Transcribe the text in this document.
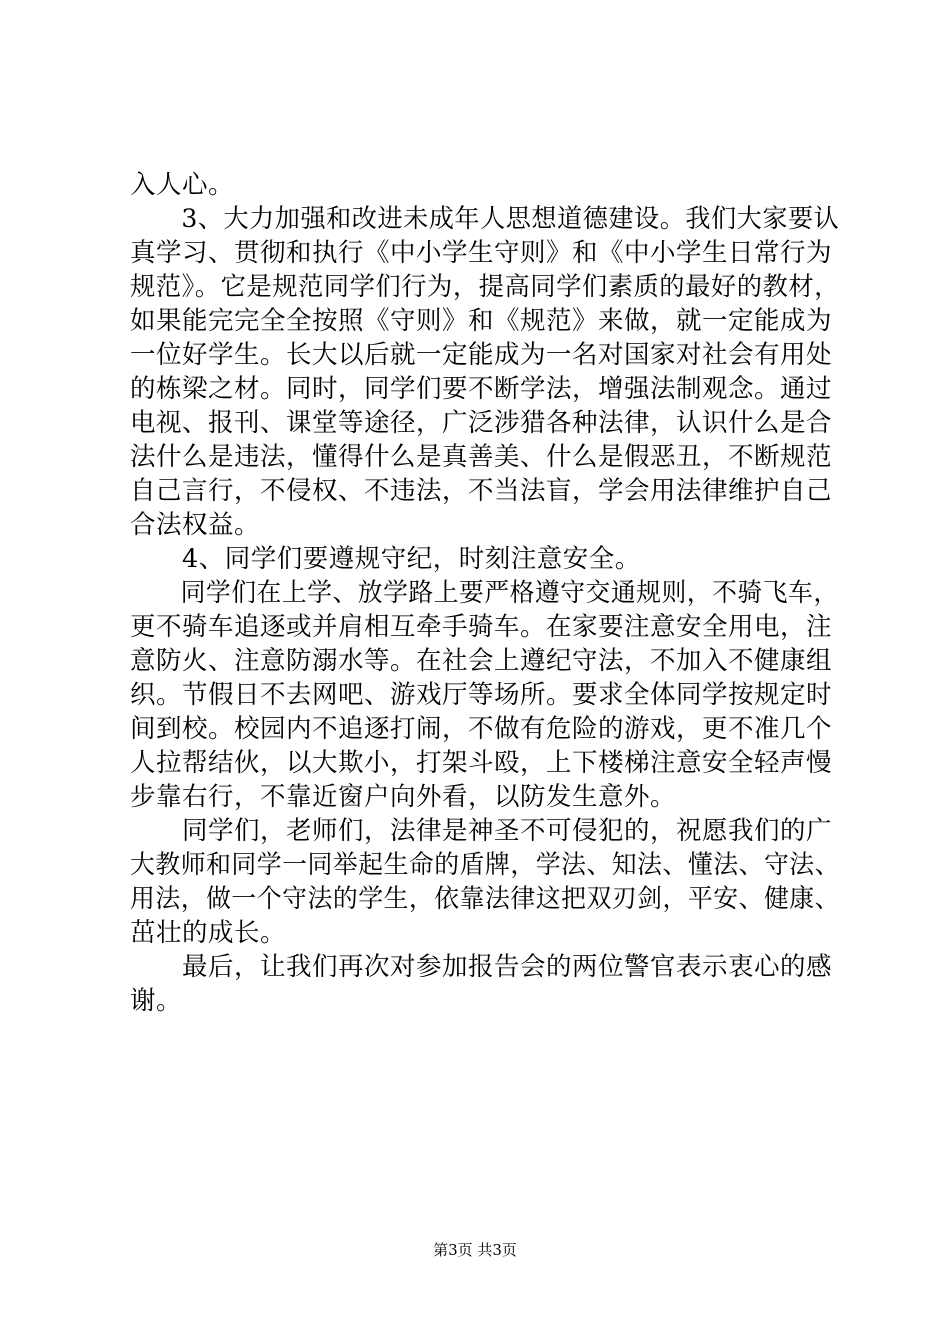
入人心。
3、大力加强和改进未成年人思想道德建设。我们大家要认
真学习、贯彻和执行《中小学生守则》和《中小学生日常行为
规范》。它是规范同学们行为，提高同学们素质的最好的教材，
如果能完完全全按照《守则》和《规范》来做，就一定能成为
一位好学生。长大以后就一定能成为一名对国家对社会有用处
的栋梁之材。同时，同学们要不断学法，增强法制观念。通过
电视、报刊、课堂等途径，广泛涉猎各种法律，认识什么是合
法什么是违法，懂得什么是真善美、什么是假恶丑，不断规范
自己言行，不侵权、不违法，不当法盲，学会用法律维护自己
合法权益。
4、同学们要遵规守纪，时刻注意安全。
同学们在上学、放学路上要严格遵守交通规则，不骑飞车，
更不骑车追逐或并肩相互牵手骑车。在家要注意安全用电，注
意防火、注意防溺水等。在社会上遵纪守法，不加入不健康组
织。节假日不去网吧、游戏厅等场所。要求全体同学按规定时
间到校。校园内不追逐打闹，不做有危险的游戏，更不准几个
人拉帮结伙，以大欺小，打架斗殴，上下楼梯注意安全轻声慢
步靠右行，不靠近窗户向外看，以防发生意外。
同学们，老师们，法律是神圣不可侵犯的，祝愿我们的广
大教师和同学一同举起生命的盾牌，学法、知法、懂法、守法、
用法，做一个守法的学生，依靠法律这把双刃剑，平安、健康、
茁壮的成长。
最后，让我们再次对参加报告会的两位警官表示衷心的感
谢。
第3页 共3页
